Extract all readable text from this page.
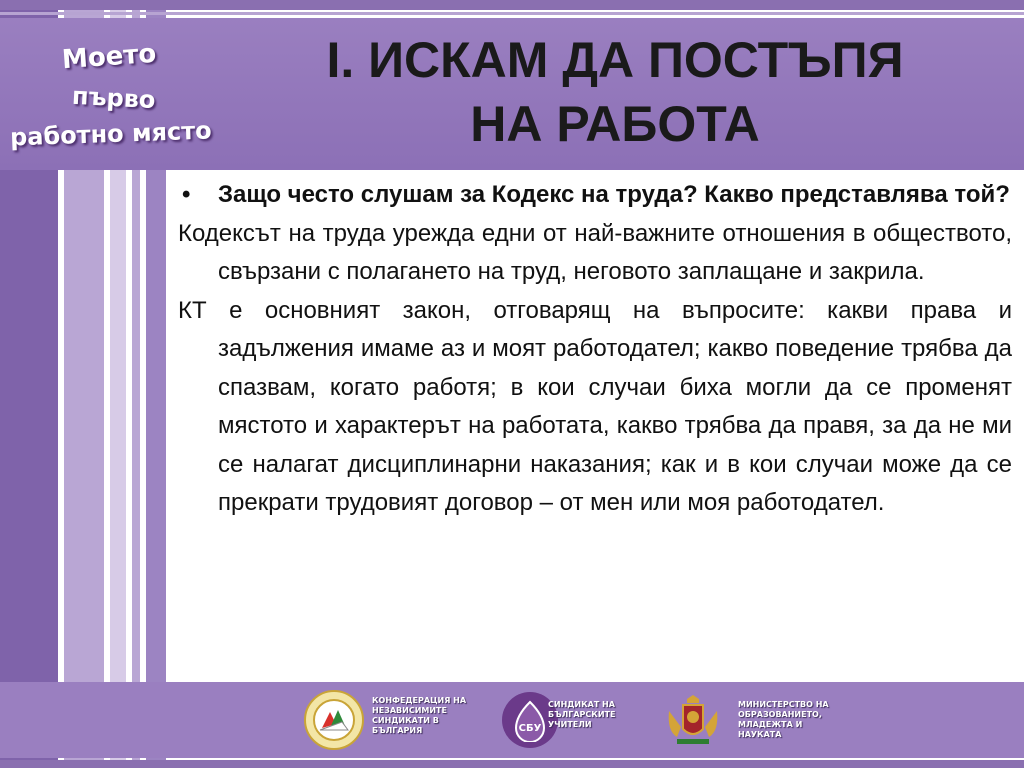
Моето
първо
работно място
I. ИСКАМ ДА ПОСТЪПЯ
НА РАБОТА
• Защо често слушам за Кодекс на труда? Какво представлява той?
Кодексът на труда урежда едни от най-важните отношения в обществото, свързани с полагането на труд, неговото заплащане и закрила.
КТ е основният закон, отговарящ на въпросите: какви права и задължения имаме аз и моят работодател; какво поведение трябва да спазвам, когато работя; в кои случаи биха могли да се променят мястото и характерът на работата, какво трябва да правя, за да не ми се налагат дисциплинарни наказания; как и в кои случаи може да се прекрати трудовият договор – от мен или моя работодател.
КОНФЕДЕРАЦИЯ НА НЕЗАВИСИМИТЕ СИНДИКАТИ В БЪЛГАРИЯ	СБУ
СИНДИКАТ НА БЪЛГАРСКИТЕ УЧИТЕЛИ
МИНИСТЕРСТВО НА ОБРАЗОВАНИЕТО, МЛАДЕЖТА И НАУКАТА
